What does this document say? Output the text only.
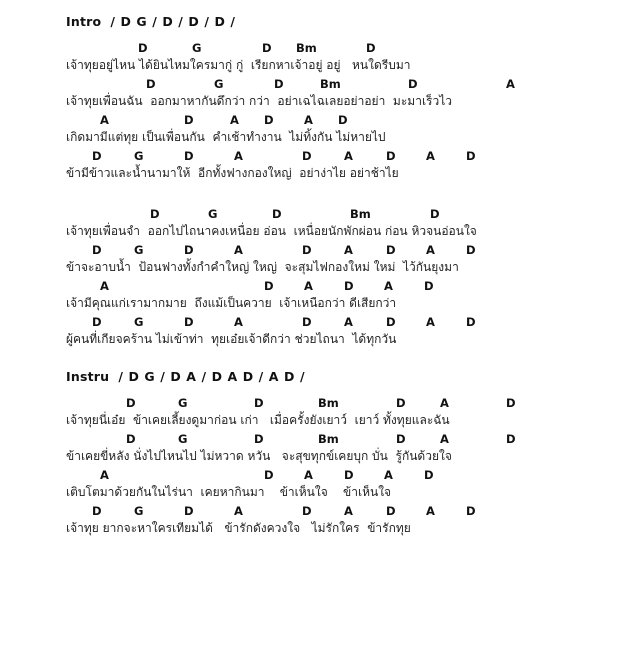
Intro / D G / D / D / D /

D

	G

	D

Bm

	D

เจ้าทุยอยู่ไหน ได้ยินไหมใครมากู่ กู่  เรียกหาเจ้าอยู่ อยู่   หนใดรีบมา

D

	G

	D

	Bm

	D

	A

เจ้าทุยเพื่อนฉัน  ออกมาหากันดึกว่า กว่า  อย่าเฉไฉเลยอย่าอย่า  มะมาเร็วไว

A

	D

	A

D

	A

D

เกิดมามีแต่ทุย เป็นเพื่อนกัน  คำเช้าทำงาน  ไม่ทิ้งกัน ไม่หายไป

D

	G

	D

	A

	D

	A

	D

	A

	D

ข้ามีข้าวและน้ำนามาให้  อีกทั้งฟางกองใหญ่  อย่าง่าไย อย่าช้าไย

D

	G

	D

	Bm

	D

เจ้าทุยเพื่อนจำ  ออกไปไถนาคงเหนื่อย อ่อน  เหนื่อยนักพักผ่อน ก่อน หิวจนอ่อนใจ

D

	G

	D

	A

	D

	A

	D

	A

	D

ข้าจะอาบน้ำ  ป้อนฟางทั้งกำคำใหญ่ ใหญ่  จะสุมไฟกองใหม่ ใหม่  ไว้กันยุงมา

A

	D

	A

	D

	A

	D

เจ้ามีคุณแก่เรามากมาย  ถึงแม้เป็นควาย  เจ้าเหนือกว่า ดีเสียกว่า

D

	G

	D

	A

	D

	A

	D

	A

	D

ผู้คนที่เกียจคร้าน ไม่เข้าท่า  ทุยเอ๋ยเจ้าดีกว่า ช่วยไถนา  ได้ทุกวัน
Instru / D G / D A / D A D / A D /

D

	G

	D

	Bm

	D

	A

	D

เจ้าทุยนี่เอ๋ย  ข้าเคยเลี้ยงดูมาก่อน เก่า   เมื่อครั้งยังเยาว์  เยาว์ ทั้งทุยและฉัน

D

	G

	D

	Bm

	D

	A

	D

ข้าเคยขี่หลัง นั่งไปไหนไป ไม่หวาด หวัน   จะสุขทุกข์เคยบุก บั่น  รู้กันด้วยใจ

A

	D

	A

	D

	A

	D

เติบโตมาด้วยกันในไร่นา  เคยหากินมา    ข้าเห็นใจ    ข้าเห็นใจ

D

	G

	D

	A

	D

	A

	D

	A

	D

เจ้าทุย ยากจะหาใครเทียมได้   ข้ารักดังควงใจ   ไม่รักใคร  ข้ารักทุย
